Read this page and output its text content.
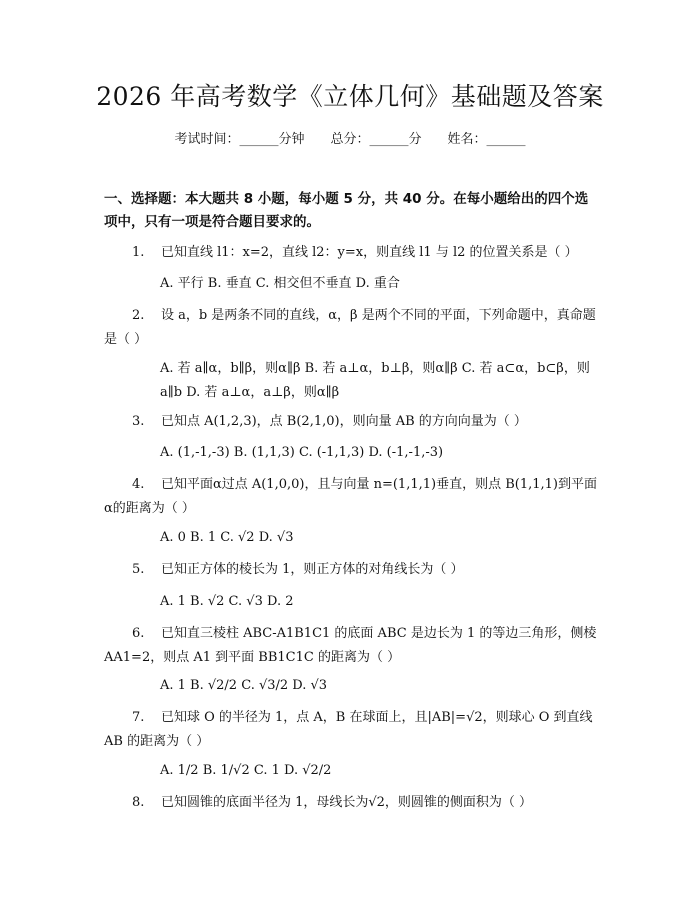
2026 年高考数学《立体几何》基础题及答案
考试时间：______分钟 总分：______分 姓名：______
一、选择题：本大题共 8 小题，每小题 5 分，共 40 分。在每小题给出的四个选项中，只有一项是符合题目要求的。
1. 已知直线 l1：x=2，直线 l2：y=x，则直线 l1 与 l2 的位置关系是（ ）
A. 平行 B. 垂直 C. 相交但不垂直 D. 重合
2. 设 a，b 是两条不同的直线，α，β 是两个不同的平面，下列命题中，真命题是（ ）
A. 若 a∥α，b∥β，则α∥β B. 若 a⊥α，b⊥β，则α∥β C. 若 a⊂α，b⊂β，则 a∥b D. 若 a⊥α，a⊥β，则α∥β
3. 已知点 A(1,2,3)，点 B(2,1,0)，则向量 AB 的方向向量为（ ）
A. (1,-1,-3) B. (1,1,3) C. (-1,1,3) D. (-1,-1,-3)
4. 已知平面α过点 A(1,0,0)，且与向量 n=(1,1,1)垂直，则点 B(1,1,1)到平面α的距离为（ ）
A. 0 B. 1 C. √2 D. √3
5. 已知正方体的棱长为 1，则正方体的对角线长为（ ）
A. 1 B. √2 C. √3 D. 2
6. 已知直三棱柱 ABC-A1B1C1 的底面 ABC 是边长为 1 的等边三角形，侧棱 AA1=2，则点 A1 到平面 BB1C1C 的距离为（ ）
A. 1 B. √2/2 C. √3/2 D. √3
7. 已知球 O 的半径为 1，点 A，B 在球面上，且|AB|=√2，则球心 O 到直线 AB 的距离为（ ）
A. 1/2 B. 1/√2 C. 1 D. √2/2
8. 已知圆锥的底面半径为 1，母线长为√2，则圆锥的侧面积为（ ）
